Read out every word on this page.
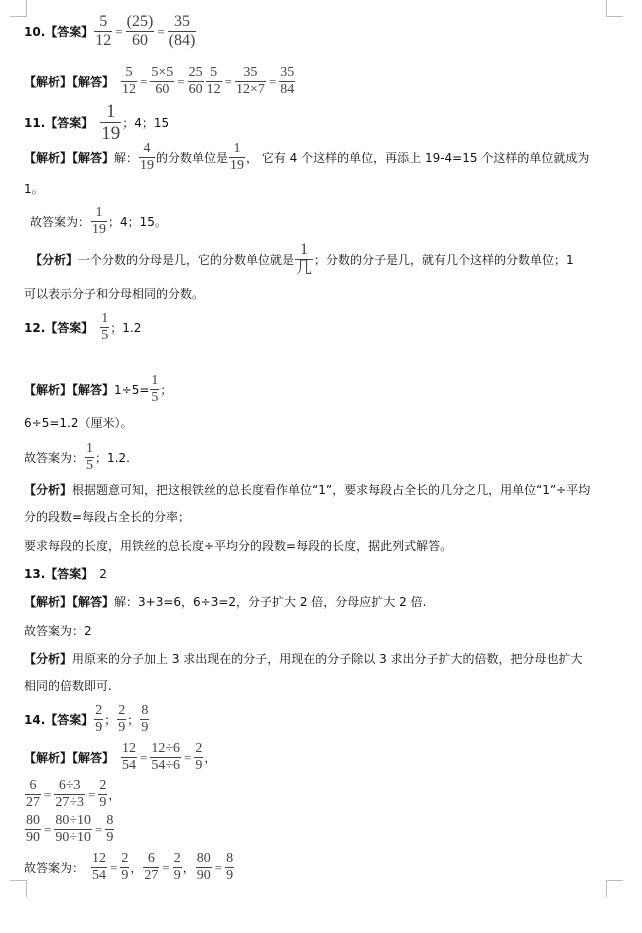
10. 【答案】 $\frac{5}{12} = \frac{(25)}{60} = \frac{35}{(84)}$
【解析】【解答】 $\frac{5}{12} = \frac{5\times 5}{60} = \frac{25}{60} \frac{5}{12} = \frac{35}{12\times 7} = \frac{35}{84}$
11. 【答案】 $\frac{1}{19}$ ；4；15
【解析】【解答】 解： $\frac{4}{19}$ 的分数单位是 $\frac{1}{19}$ ， 它有 4 个这样的单位，再添上 19-4=15 个这样的单位就成为
1。
故答案为： $\frac{1}{19}$ ；4；15。
【分析】 一个分数的分母是几，它的分数单位就是 $\frac{1}{\text{几}}$ ；分数的分子是几，就有几个这样的分数单位；1
可以表示分子和分母相同的分数。
12. 【答案】 $\frac{1}{5}$ ；1.2
【解析】【解答】 $1\div 5= \frac{1}{5}$ ；
6÷5=1.2（厘米）。
故答案为： $\frac{1}{5}$ ；1.2.
【分析】 根据题意可知，把这根铁丝的总长度看作单位“1”，要求每段占全长的几分之几，用单位“1”÷平均
分的段数=每段占全长的分率；
要求每段的长度，用铁丝的总长度÷平均分的段数=每段的长度，据此列式解答。
13. 【答案】 2
【解析】【解答】 解：3+3=6，6÷3=2，分子扩大 2 倍，分母应扩大 2 倍.
故答案为：2
【分析】 用原来的分子加上 3 求出现在的分子，用现在的分子除以 3 求出分子扩大的倍数，把分母也扩大
相同的倍数即可.
14. 【答案】 $\frac{2}{9}$ ； $\frac{2}{9}$ ； $\frac{8}{9}$
【解析】【解答】 $\frac{12}{54} = \frac{12\div 6}{54\div 6} = \frac{2}{9}$ ，
$\frac{6}{27} = \frac{6\div 3}{27\div 3} = \frac{2}{9}$ ，
$\frac{80}{90} = \frac{80\div 10}{90\div 10} = \frac{8}{9}$
故答案为： $\frac{12}{54} = \frac{2}{9}$ ， $\frac{6}{27} = \frac{2}{9}$ ， $\frac{80}{90} = \frac{8}{9}$
